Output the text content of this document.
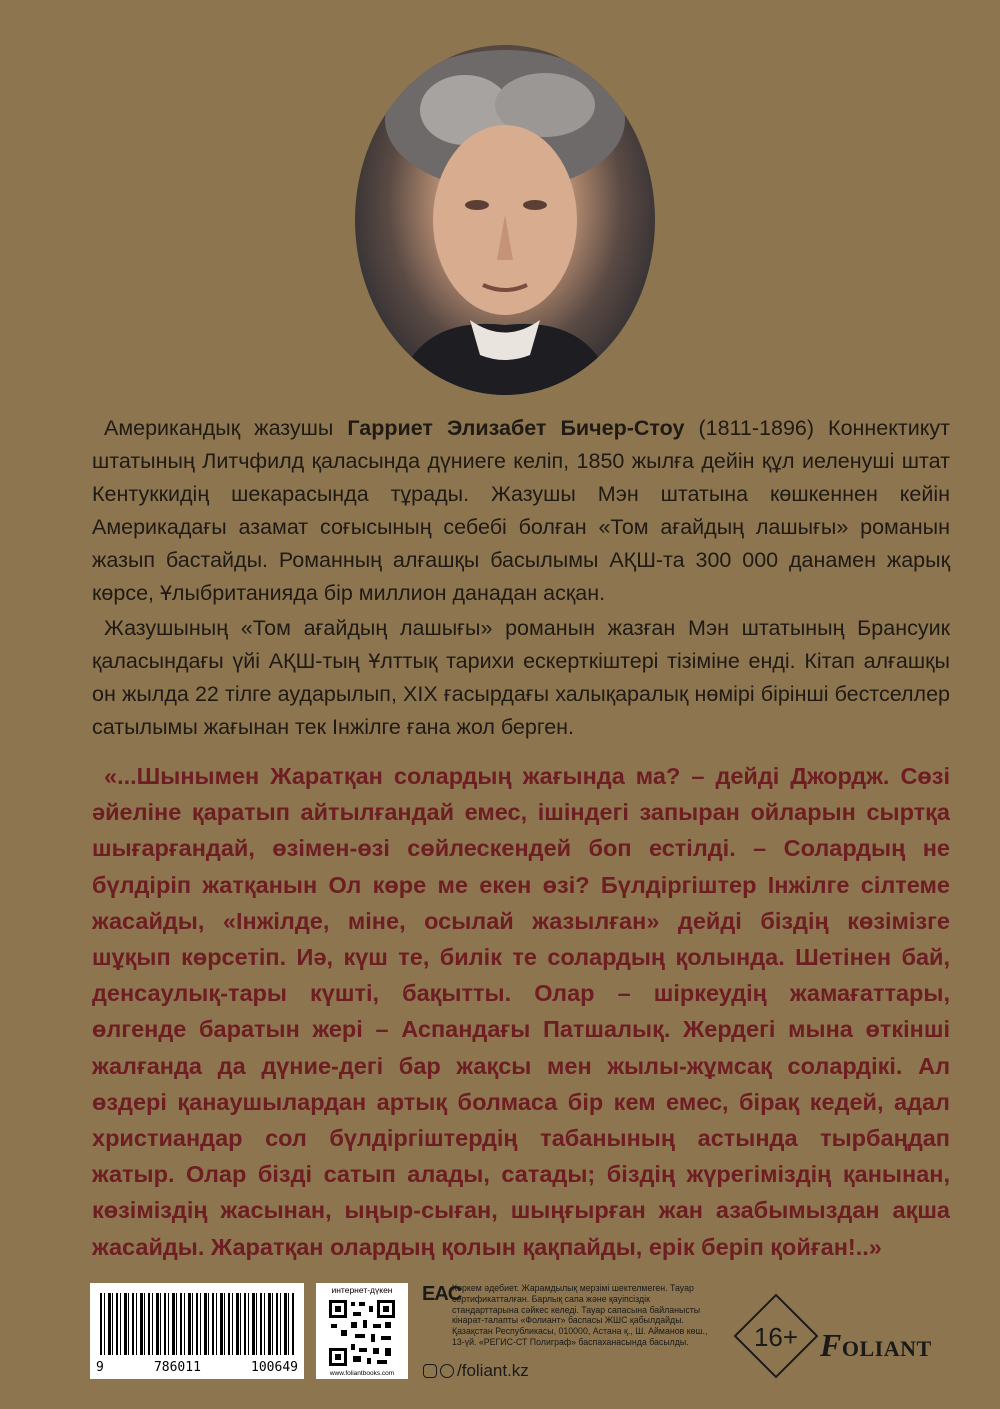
Американдық жазушы Гарриет Элизабет Бичер-Стоу (1811-1896) Коннектикут штатының Литчфилд қаласында дүниеге келіп, 1850 жылға дейін құл иеленуші штат Кентуккидің шекарасында тұрады. Жазушы Мэн штатына көшкеннен кейін Америкадағы азамат соғысының себебі болған «Том ағайдың лашығы» романын жазып бастайды. Романның алғашқы басылымы АҚШ-та 300 000 данамен жарық көрсе, Ұлыбританияда бір миллион данадан асқан.

Жазушының «Том ағайдың лашығы» романын жазған Мэн штатының Брансуик қаласындағы үйі АҚШ-тың Ұлттық тарихи ескерткіштері тізіміне енді. Кітап алғашқы он жылда 22 тілге аударылып, XIX ғасырдағы халықаралық нөмірі бірінші бестселлер сатылымы жағынан тек Інжілге ғана жол берген.

«...Шынымен Жаратқан солардың жағында ма? – дейді Джордж. Сөзі әйеліне қаратып айтылғандай емес, ішіндегі запыран ойларын сыртқа шығарғандай, өзімен-өзі сөйлескендей боп естілді. – Солардың не бүлдіріп жатқанын Ол көре ме екен өзі? Бүлдіргіштер Інжілге сілтеме жасайды, «Інжілде, міне, осылай жазылған» дейді біздің көзімізге шұқып көрсетіп. Иә, күш те, билік те солардың қолында. Шетінен бай, денсаулық-тары күшті, бақытты. Олар – шіркеудің жамағаттары, өлгенде баратын жері – Аспандағы Патшалық. Жердегі мына өткінші жалғанда да дүние-дегі бар жақсы мен жылы-жұмсақ солардікі. Ал өздері қанаушылардан артық болмаса бір кем емес, бірақ кедей, адал христиандар сол бүлдіргіштердің табанының астында тырбаңдап жатыр. Олар бізді сатып алады, сатады; біздің жүрегіміздің қанынан, көзіміздің жасынан, ыңыр-сыған, шыңғырған жан азабымыздан ақша жасайды. Жаратқан олардың қолын қақпайды, ерік беріп қойған!..»
9	786011	100649
интернет-дүкен
www.foliantbooks.com
EAC
Көркем әдебиет. Жарамдылық мерзімі шектелмеген. Тауар сертификатталған. Барлық сапа және қауіпсіздік стандарттарына сәйкес келеді. Тауар сапасына байланысты кінарат-талапты «Фолиант» баспасы ЖШС қабылдайды. Қазақстан Республикасы, 010000, Астана қ., Ш. Айманов көш., 13-үй. «РЕГИС-СТ Полиграф» баспаханасында басылды.
/foliant.kz
16+ FOLIANT
